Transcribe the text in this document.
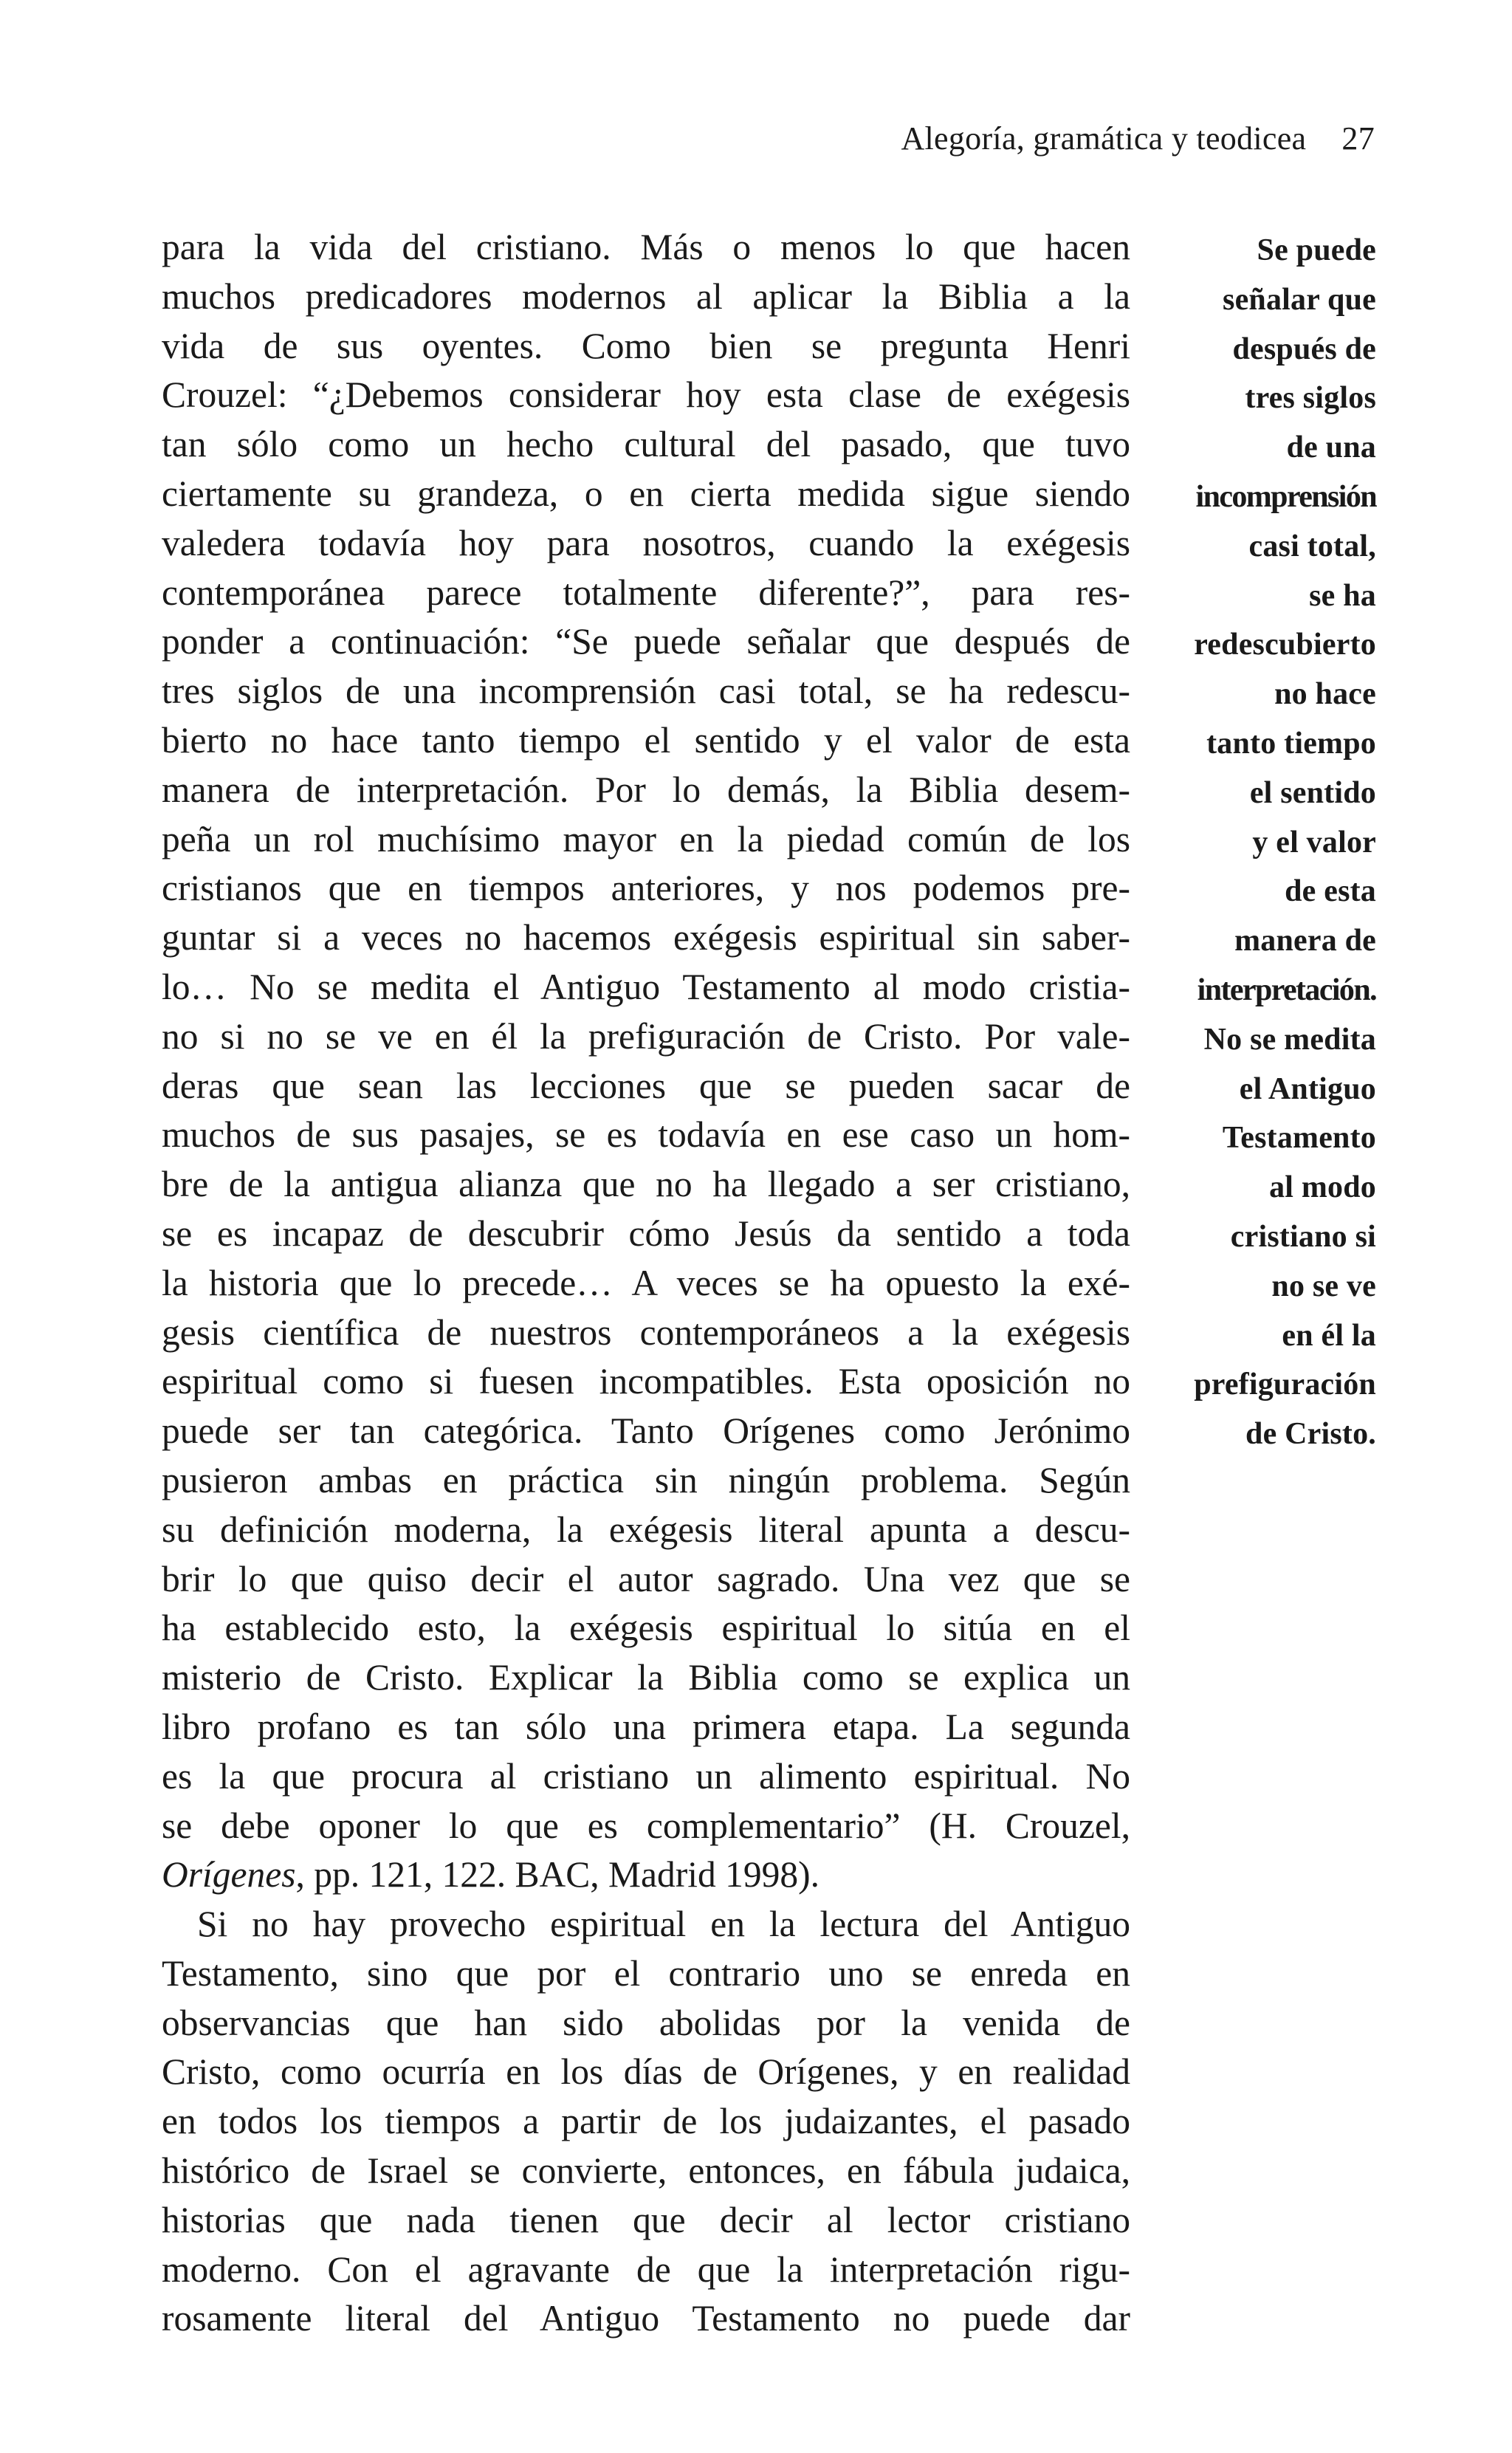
Alegoría, gramática y teodicea 27
para la vida del cristiano. Más o menos lo que hacen
muchos predicadores modernos al aplicar la Biblia a la
vida de sus oyentes. Como bien se pregunta Henri
Crouzel: “¿Debemos considerar hoy esta clase de exégesis
tan sólo como un hecho cultural del pasado, que tuvo
ciertamente su grandeza, o en cierta medida sigue siendo
valedera todavía hoy para nosotros, cuando la exégesis
contemporánea parece totalmente diferente?”, para res-
ponder a continuación: “Se puede señalar que después de
tres siglos de una incomprensión casi total, se ha redescu-
bierto no hace tanto tiempo el sentido y el valor de esta
manera de interpretación. Por lo demás, la Biblia desem-
peña un rol muchísimo mayor en la piedad común de los
cristianos que en tiempos anteriores, y nos podemos pre-
guntar si a veces no hacemos exégesis espiritual sin saber-
lo… No se medita el Antiguo Testamento al modo cristia-
no si no se ve en él la prefiguración de Cristo. Por vale-
deras que sean las lecciones que se pueden sacar de
muchos de sus pasajes, se es todavía en ese caso un hom-
bre de la antigua alianza que no ha llegado a ser cristiano,
se es incapaz de descubrir cómo Jesús da sentido a toda
la historia que lo precede… A veces se ha opuesto la exé-
gesis científica de nuestros contemporáneos a la exégesis
espiritual como si fuesen incompatibles. Esta oposición no
puede ser tan categórica. Tanto Orígenes como Jerónimo
pusieron ambas en práctica sin ningún problema. Según
su definición moderna, la exégesis literal apunta a descu-
brir lo que quiso decir el autor sagrado. Una vez que se
ha establecido esto, la exégesis espiritual lo sitúa en el
misterio de Cristo. Explicar la Biblia como se explica un
libro profano es tan sólo una primera etapa. La segunda
es la que procura al cristiano un alimento espiritual. No
se debe oponer lo que es complementario” (H. Crouzel,
Orígenes, pp. 121, 122. BAC, Madrid 1998).
Si no hay provecho espiritual en la lectura del Antiguo
Testamento, sino que por el contrario uno se enreda en
observancias que han sido abolidas por la venida de
Cristo, como ocurría en los días de Orígenes, y en realidad
en todos los tiempos a partir de los judaizantes, el pasado
histórico de Israel se convierte, entonces, en fábula judaica,
historias que nada tienen que decir al lector cristiano
moderno. Con el agravante de que la interpretación rigu-
rosamente literal del Antiguo Testamento no puede dar
Se puede
señalar que
después de
tres siglos
de una
incomprensión
casi total,
se ha
redescubierto
no hace
tanto tiempo
el sentido
y el valor
de esta
manera de
interpretación.
No se medita
el Antiguo
Testamento
al modo
cristiano si
no se ve
en él la
prefiguración
de Cristo.
